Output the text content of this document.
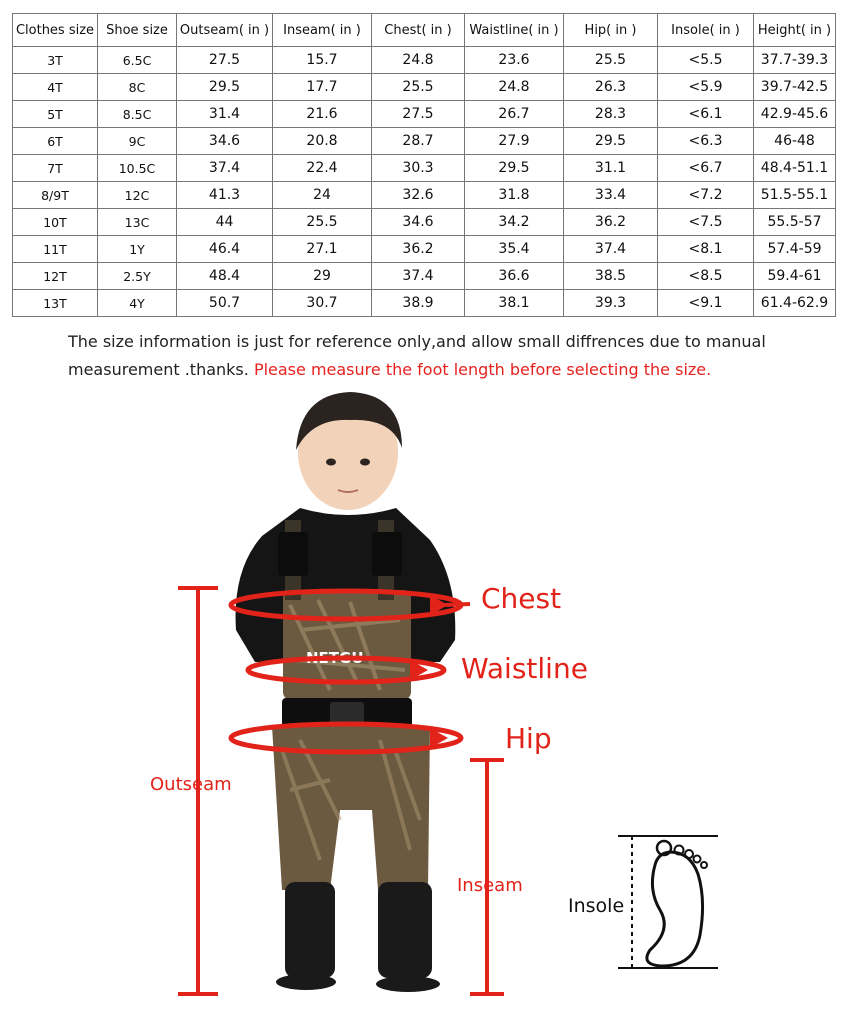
Clothes size	Shoe size	Outseam( in )	Inseam( in )	Chest( in )	Waistline( in )	Hip( in )	Insole( in )	Height( in )
3T	6.5C	27.5	15.7	24.8	23.6	25.5	<5.5	37.7-39.3
4T	8C	29.5	17.7	25.5	24.8	26.3	<5.9	39.7-42.5
5T	8.5C	31.4	21.6	27.5	26.7	28.3	<6.1	42.9-45.6
6T	9C	34.6	20.8	28.7	27.9	29.5	<6.3	46-48
7T	10.5C	37.4	22.4	30.3	29.5	31.1	<6.7	48.4-51.1
8/9T	12C	41.3	24	32.6	31.8	33.4	<7.2	51.5-55.1
10T	13C	44	25.5	34.6	34.2	36.2	<7.5	55.5-57
11T	1Y	46.4	27.1	36.2	35.4	37.4	<8.1	57.4-59
12T	2.5Y	48.4	29	37.4	36.6	38.5	<8.5	59.4-61
13T	4Y	50.7	30.7	38.9	38.1	39.3	<9.1	61.4-62.9
The size information is just for reference only,and allow small diffrences due to manual measurement .thanks. Please measure the foot length before selecting the size.
NETGU
Chest
Waistline
Hip
Outseam
Inseam
Insole
